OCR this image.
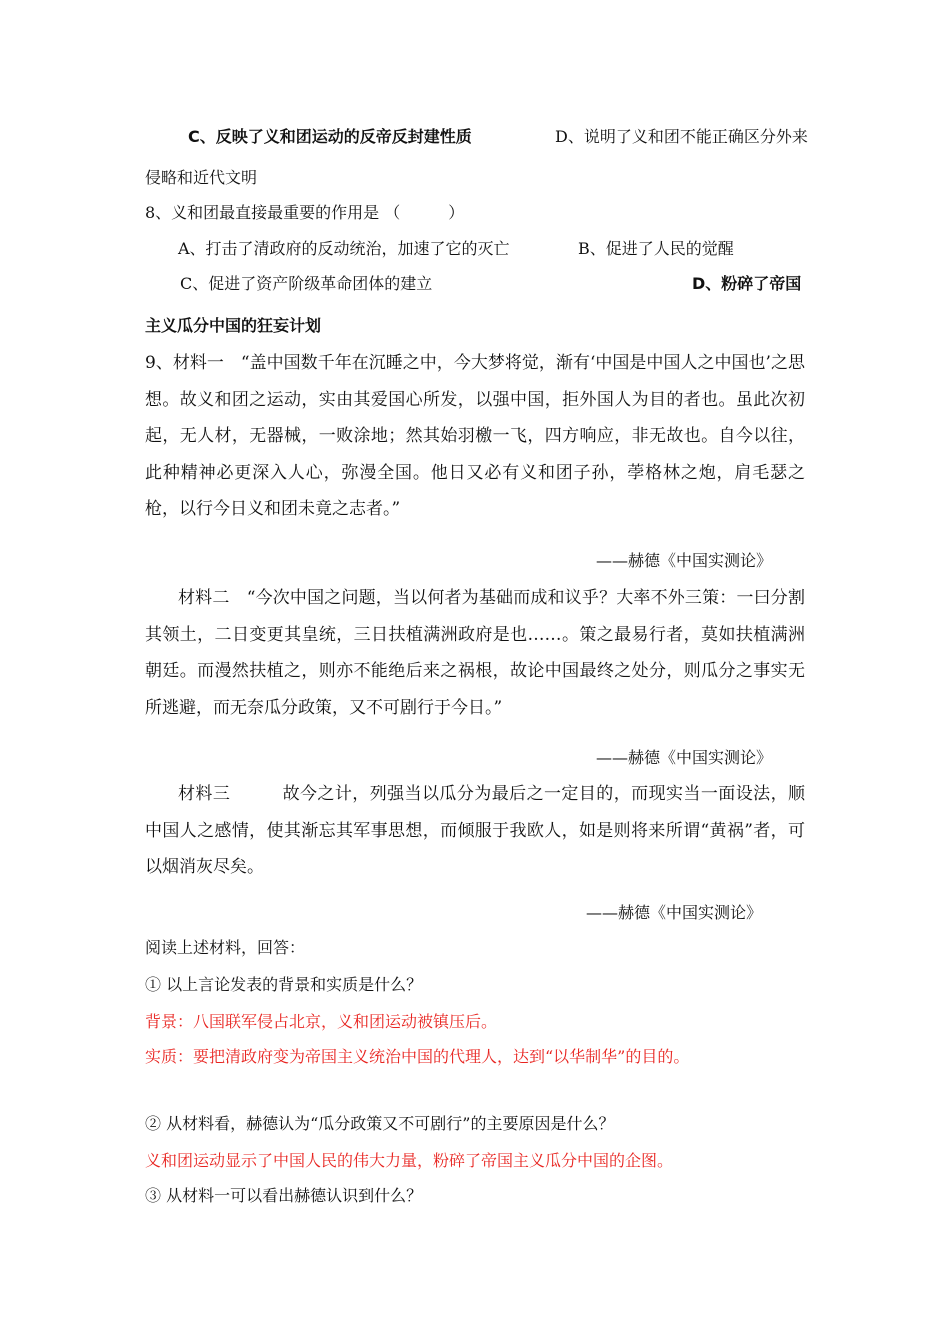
C、反映了义和团运动的反帝反封建性质	D、说明了义和团不能正确区分外来
侵略和近代文明
8、义和团最直接最重要的作用是 （　　　）
A、打击了清政府的反动统治，加速了它的灭亡	B、促进了人民的觉醒
C、促进了资产阶级革命团体的建立	D、粉碎了帝国
主义瓜分中国的狂妄计划
9、材料一　“盖中国数千年在沉睡之中，今大梦将觉，渐有‘中国是中国人之中国也’之思想。故义和团之运动，实由其爱国心所发，以强中国，拒外国人为目的者也。虽此次初起，无人材，无器械，一败涂地；然其始羽檄一飞，四方响应，非无故也。自今以往，此种精神必更深入人心，弥漫全国。他日又必有义和团子孙，荸格林之炮，肩毛瑟之枪，以行今日义和团未竟之志者。”
——赫德《中国实测论》
材料二　“今次中国之问题，当以何者为基础而成和议乎？大率不外三策：一曰分割其领土，二日变更其皇统，三日扶植满洲政府是也……。策之最易行者，莫如扶植满洲朝廷。而漫然扶植之，则亦不能绝后来之祸根，故论中国最终之处分，则瓜分之事实无所逃避，而无奈瓜分政策，又不可剧行于今日。”
——赫德《中国实测论》
材料三　　　故今之计，列强当以瓜分为最后之一定目的，而现实当一面设法，顺中国人之感情，使其渐忘其军事思想，而倾服于我欧人，如是则将来所谓“黄祸”者，可以烟消灰尽矣。
——赫德《中国实测论》
阅读上述材料，回答：
① 以上言论发表的背景和实质是什么？
背景：八国联军侵占北京，义和团运动被镇压后。
实质：要把清政府变为帝国主义统治中国的代理人，达到“以华制华”的目的。
② 从材料看，赫德认为“瓜分政策又不可剧行”的主要原因是什么？
义和团运动显示了中国人民的伟大力量，粉碎了帝国主义瓜分中国的企图。
③ 从材料一可以看出赫德认识到什么？
